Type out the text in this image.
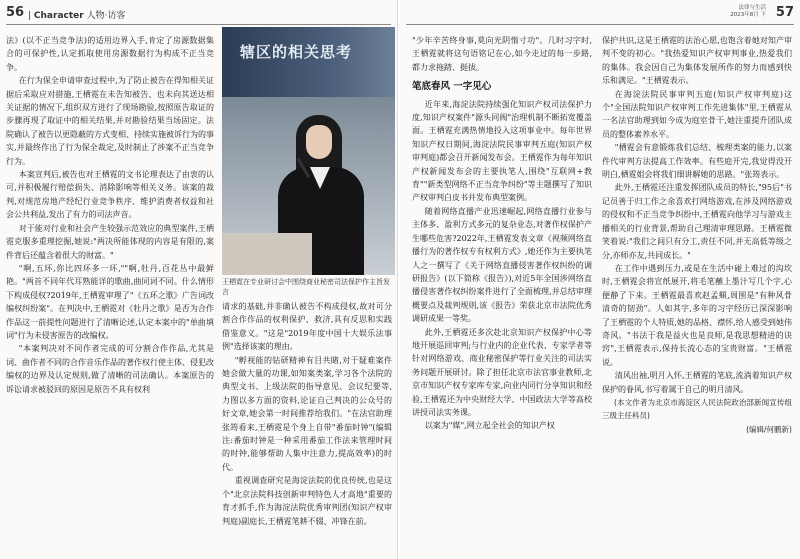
56 | Character 人物·访客

法》(以不正当竞争法)的适用边界入手,肯定了房源数据集合的可保护性,认定抓取使用房源数据行为构成不正当竞争。

在行为保全申请审查过程中,为了防止被告在得知相关证据后采取应对措施,王栖霓在未告知被告、也未向其送达相关证据的情况下,组织双方进行了现场勘验,按照原告取证的步骤再现了取证中的相关结果,并对勘验结果当场固定。法院确认了被告以更隐蔽的方式变相、持续实施被诉行为的事实,并最终作出了行为保全裁定,及时制止了涉案不正当竞争行为。

本案宣判后,被告也对王栖霓的文书论理表达了由衷的认可,并积极履行赔偿损失、消除影响等相关义务。该案的裁判,对规范房地产经纪行业竞争秩序、维护消费者权益和社会公共利益,发出了有力的司法声音。

对于能对行业和社会产生较强示范效应的典型案件,王栖霓克服多重理挖掘,她说:"两决所能体现的内容是有限的,案件背后还蕴含着很大的财富。"

"啊,五环,你比四环多一环,""啊,牡丹,百花丛中最鲜艳。"两首不同年代耳熟能详的歌曲,曲同词不同。什么情形下构成侵权?2019年,王栖霓审理了"《五环之歌》广告词改编权纠纷案"。在判决中,王栖霓对《牡丹之歌》是否为合作作品这一前提性问题进行了清晰论述,认定本案中的"单曲填词"行为未侵害原告的改编权。

"本案判决对不同作者完成的可分割合作作品,尤其是词、曲作者不同的合作音乐作品的著作权行使主体、侵犯改编权的边界及认定规则,做了清晰的司法确认。本案原告的诉讼请求被驳回的原因是原告不具有权利

辖区的相关思考
王栖霓在专业研讨会中围绕商业秘密司法保护作主旨发言

请求的基础,并非确认被告不构成侵权,故对可分割合作作品的权利保护、救济,具有反思和实践借鉴意义。"这是"2019年度中国十大娱乐法事例"选择该案的理由。

"孵视能的钻研精神有目共睹,对于疑难案件她会做大量的功课,如知案类案,学习各个法院的典型文书、上级法院的指导意见、会议纪要等,力图以多方面的资料,论证自己判决的公众号的好文章,她会第一时间推荐给我们。"在法官助理张筠看来,王栖霓是个身上自带"番茄时钟"(编辑注:番茄时钟是一种采用番茄工作法来管理时间的时钟,能够帮助人集中注意力,提高效率)的时代。

重视调查研究是海淀法院的优良传统,也是这个"北京法院科技创新审判特色人才高地"重要的育才抓手,作为海淀法院优秀审判团(知识产权审判庭)副庭长,王栖霓笔耕不辍、冲锋在前。

法律与生活
2023年8月 下 57

"少年辛苦终身事,莫向光阴惰寸功"。几时习字时,王栖霓就将这句语铭记在心,如今走过的每一步路,都力求拖踏、挺拔。

笔底春风 一字见心

近年来,海淀法院持续强化知识产权司法保护力度,知识产权案件"源头同阀"治理机制不断拓宽覆盖面。王栖霓充满热情地投入这项事业中。每年世界知识产权日期间,海淀法院民事审判五庭(知识产权审判庭)都会召开新闻发布会。王栖霓作为每年知识产权新闻发布会的主要执笔人,围绕"互联网+教育""新类型网络不正当竞争纠纷"等主题撰写了知识产权审判白皮书并发布典型案例。

随着网络直播产业迅速崛起,网络直播行业参与主体多、盈利方式多元的复杂业态,对著作权保护产生哪些危害?2022年,王栖霓发表文章《视频网络直播行为的著作权专有权利方式》,她还作为主要执笔人之一撰写了《关于网络直播侵害著作权纠纷的调研报告》(以下简称《报告》),对近5年全国涉网络直播侵害著作权纠纷案件进行了全面梳理,并总结审理概要点及裁判规则,该《报告》荣获北京市法院优秀调研成果一等奖。

此外,王栖霓还多次赴北京知识产权保护中心等地开展巡回审判;与行业内的企业代表、专家学者等针对网络游戏、商业秘密保护等行业关注的司法实务问题开展研讨。除了担任北京市法官事业教师,北京市知识产权专家库专家,向业内同行分享知识和经验,王栖霓还为中央财经大学、中国政法大学等高校讲授司法实务课。

以案为"媒",网立起全社会的知识产权

保护共识,这是王栖霓的法治心愿,也饱含着她对知产审判不变的初心。"我热爱知识产权审判事业,热爱我们的集体。我会因自己为集体发展所作的努力而感到快乐和满足。"王栖霓表示。

在海淀法院民事审判五庭(知识产权审判庭)这个"全国法院知识产权审判工作先进集体"里,王栖霓从一名法官助理到如今成为庭室骨干,她注重提升团队成员的整体素养水平。

"栖霓会有意锻炼我们总结、梳理类案的能力,以案件代审判方法提高工作效率。有些庭开完,我觉得没开明白,栖霓姐会将我们细讲解她的思路。"张筠表示。

此外,王栖霓还注重发挥团队成员的特长,"95后"书记员善于归工作之余喜欢打网络游戏,在涉及网络游戏的侵权和不正当竞争纠纷中,王栖霓向他学习与游戏主播相关的行业背景,帮助自己理清审理思路。王栖霓微笑着说:"我们之间只有分工,责任不同,并无高低等级之分,亦师亦友,共同成长。"

在工作中遇到压力,或是在生活中碰上难过的沟坎时,王栖霓会将宣纸展开,将毛笔蘸上墨汁写几个字,心便静了下来。王栖霓最喜欢赵孟頫,周围是"有种风骨清奇的韧劲"。人如其字,多年的习字经历已深深影响了王栖霓的个人特质,她的品格、襟怀,给人感受到她伟奇风。"书法于我是益火也是良师,是我思想精进的诀窍",王栖霓表示,保持长流心态的宝贵财富。"王栖霓说。

清风出袖,明月入怀,王栖霓的笔底,流淌着知识产权保护的眷风,书写着属于自己的明月清风。

(本文作者为北京市海淀区人民法院政治部新闻宣传组三级主任科员)

(编辑/何鹏新)
